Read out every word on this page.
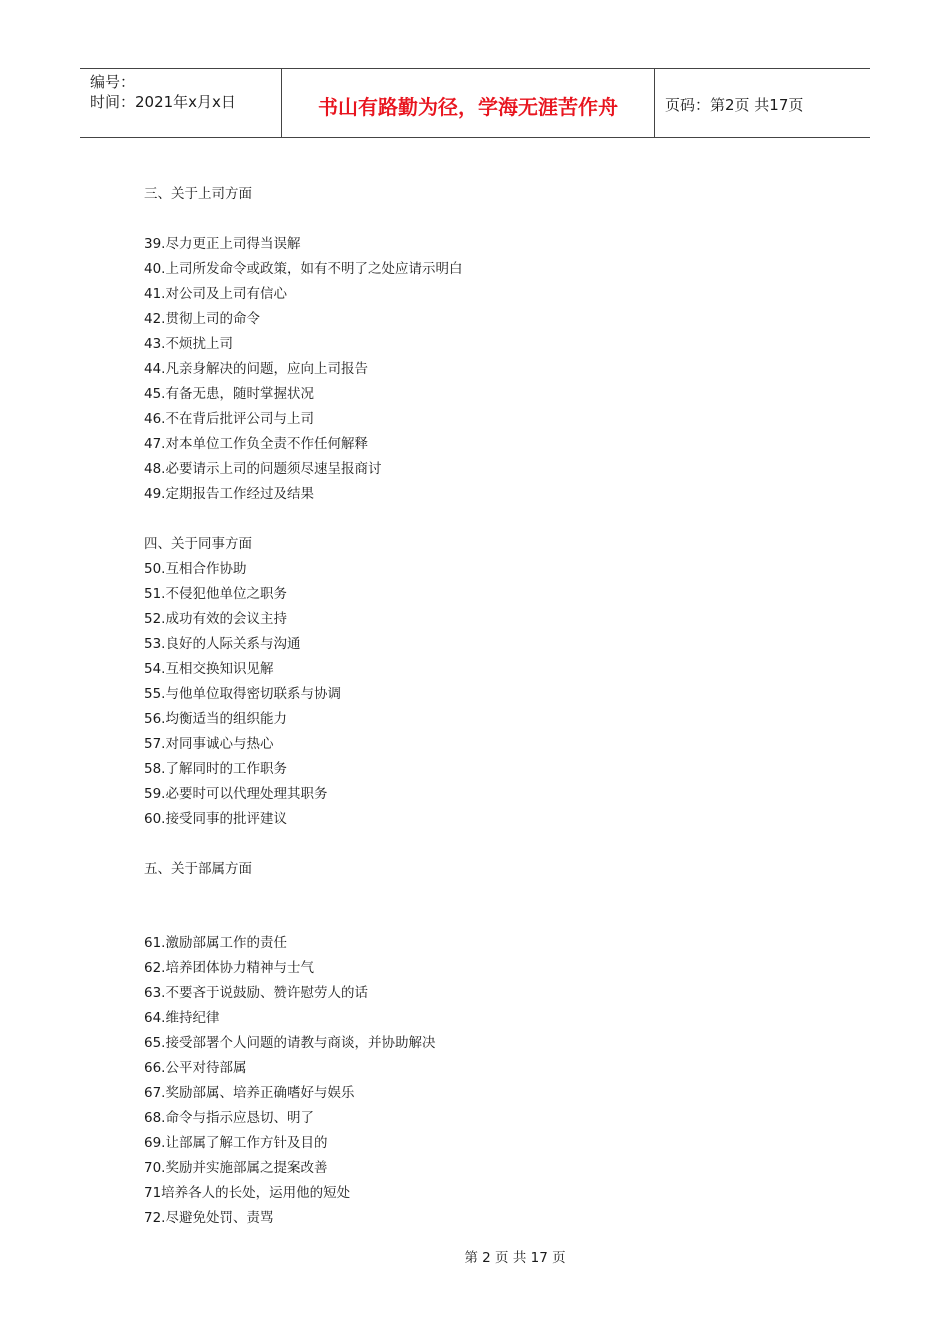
编号：
时间：2021年x月x日	书山有路勤为径，学海无涯苦作舟	页码：第2页 共17页
三、关于上司方面
39.尽力更正上司得当误解
40.上司所发命令或政策，如有不明了之处应请示明白
41.对公司及上司有信心
42.贯彻上司的命令
43.不烦扰上司
44.凡亲身解决的问题，应向上司报告
45.有备无患，随时掌握状况
46.不在背后批评公司与上司
47.对本单位工作负全责不作任何解释
48.必要请示上司的问题须尽速呈报商讨
49.定期报告工作经过及结果
四、关于同事方面
50.互相合作协助
51.不侵犯他单位之职务
52.成功有效的会议主持
53.良好的人际关系与沟通
54.互相交换知识见解
55.与他单位取得密切联系与协调
56.均衡适当的组织能力
57.对同事诚心与热心
58.了解同时的工作职务
59.必要时可以代理处理其职务
60.接受同事的批评建议
五、关于部属方面
61.激励部属工作的责任
62.培养团体协力精神与士气
63.不要吝于说鼓励、赞许慰劳人的话
64.维持纪律
65.接受部署个人问题的请教与商谈，并协助解决
66.公平对待部属
67.奖励部属、培养正确嗜好与娱乐
68.命令与指示应恳切、明了
69.让部属了解工作方针及目的
70.奖励并实施部属之提案改善
71培养各人的长处，运用他的短处
72.尽避免处罚、责骂
第 2 页 共 17 页
